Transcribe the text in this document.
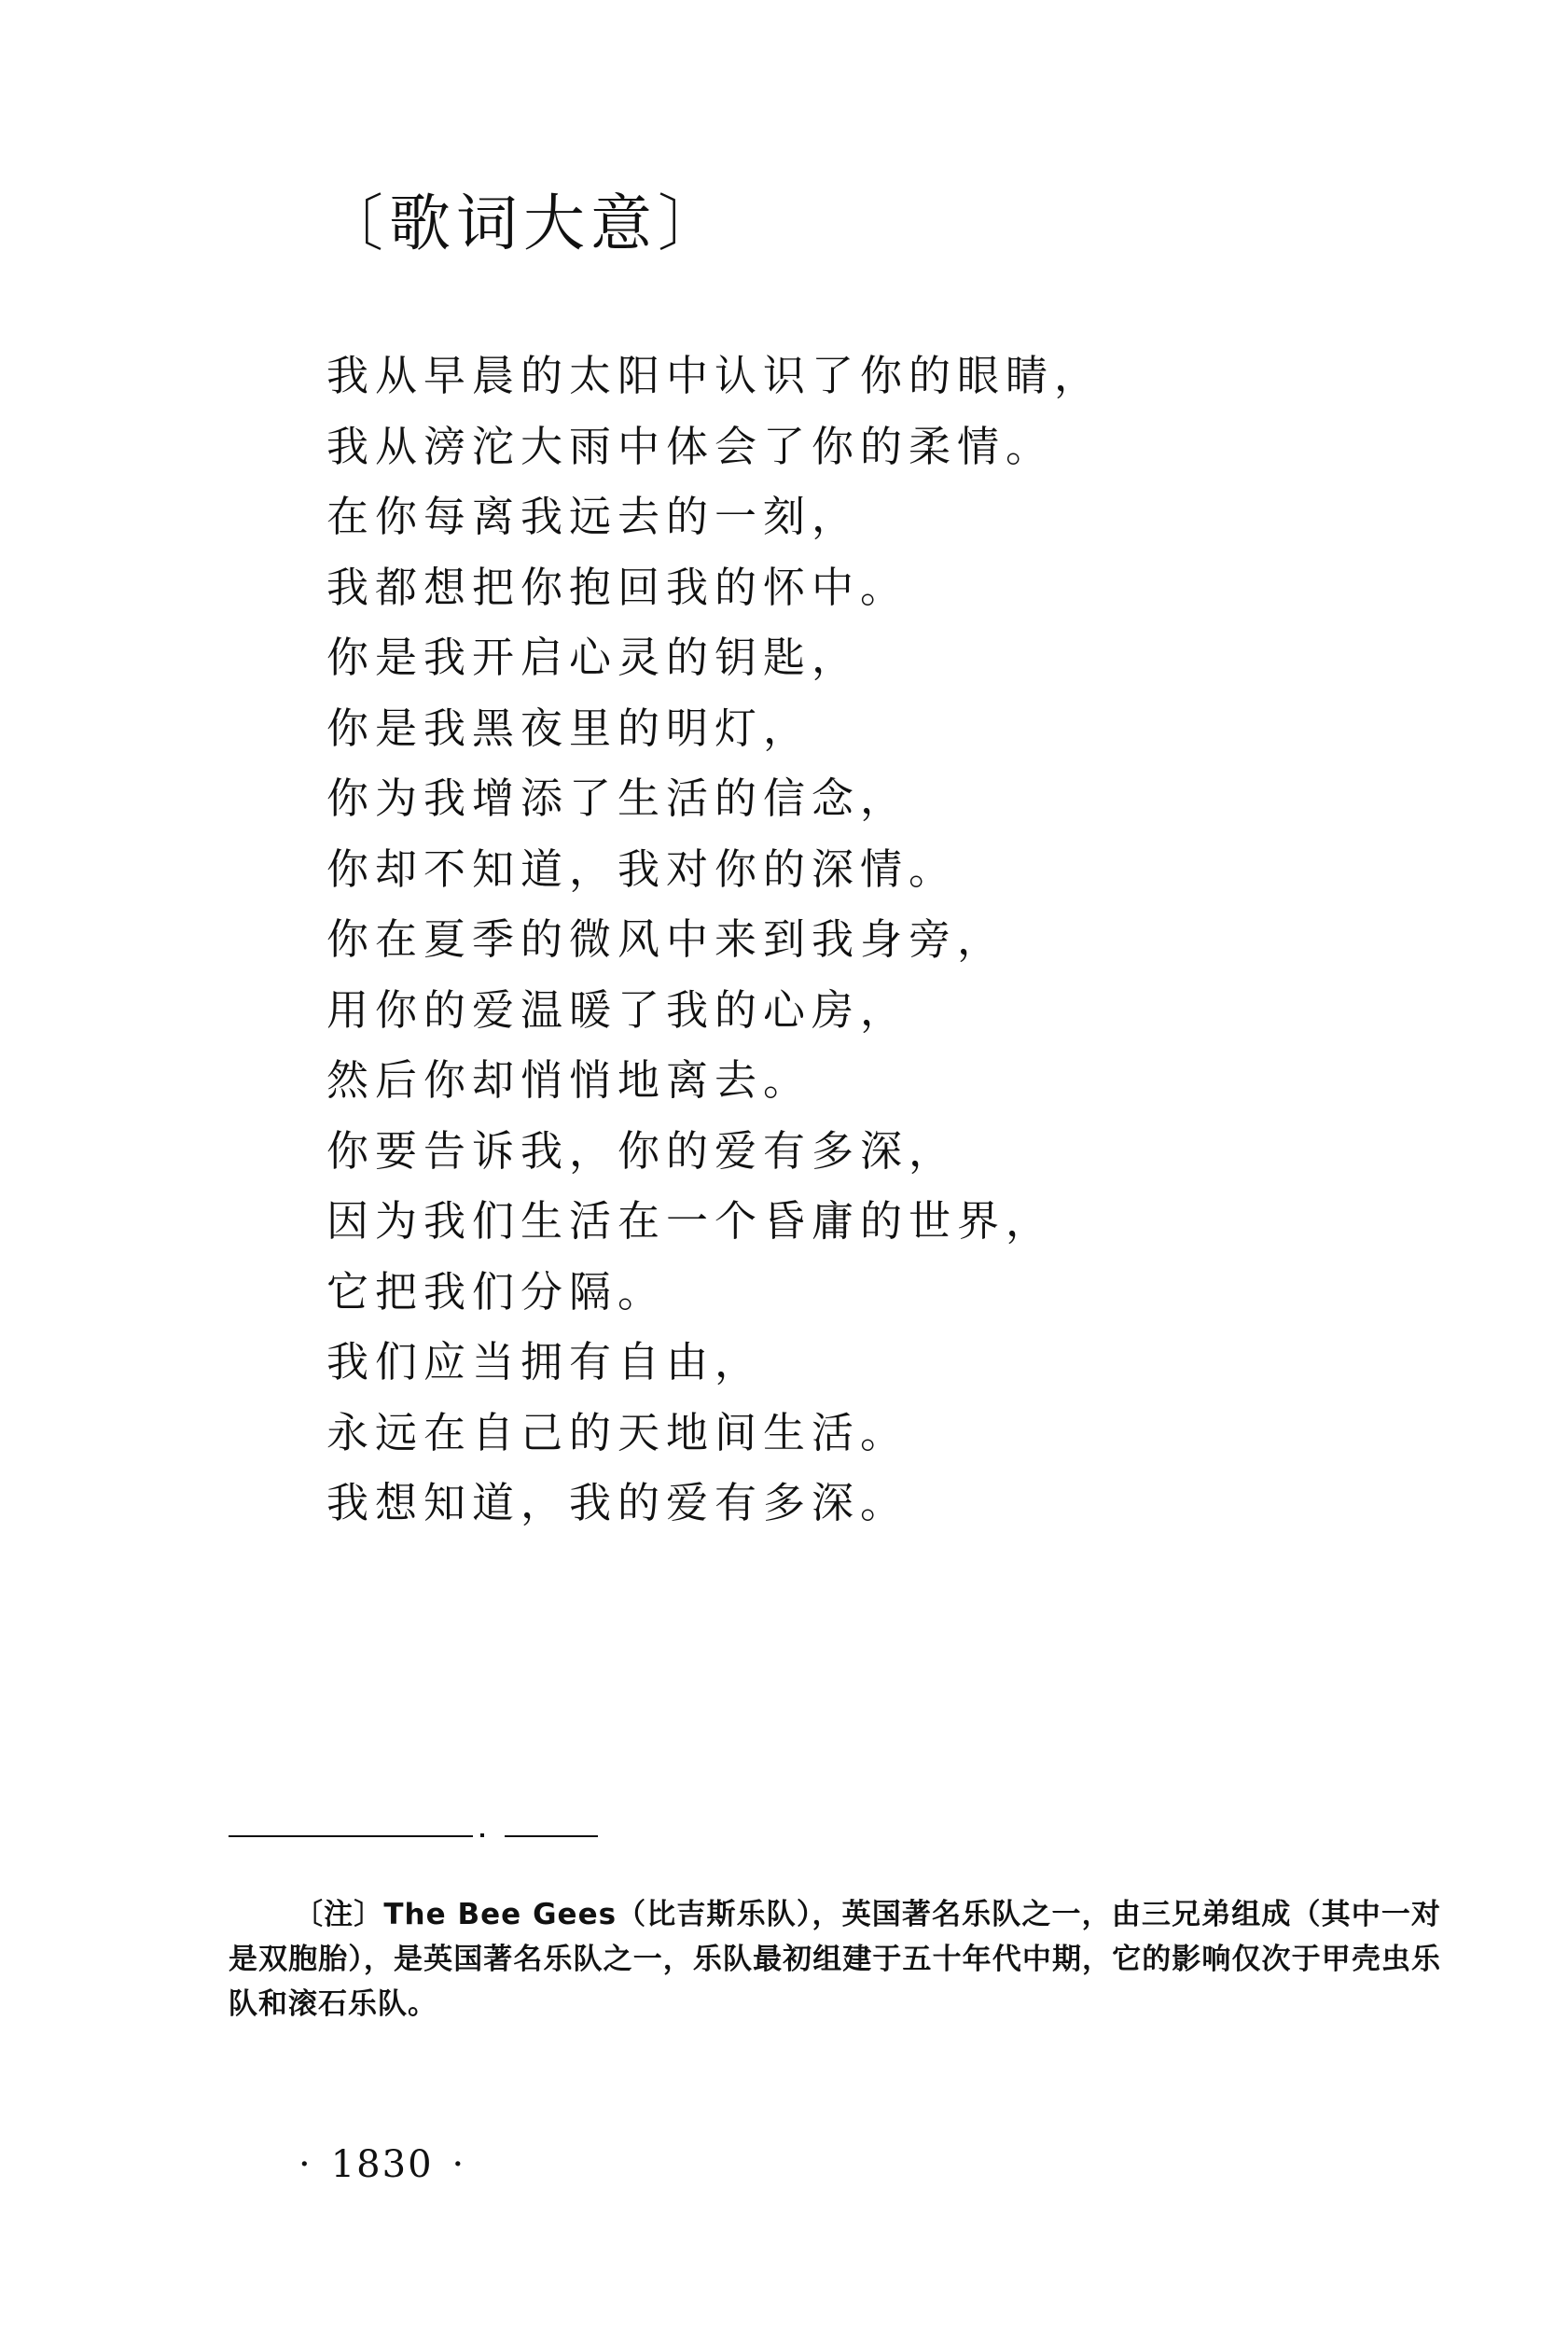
〔歌词大意〕
我从早晨的太阳中认识了你的眼睛，
我从滂沱大雨中体会了你的柔情。
在你每离我远去的一刻，
我都想把你抱回我的怀中。
你是我开启心灵的钥匙，
你是我黑夜里的明灯，
你为我增添了生活的信念，
你却不知道，我对你的深情。
你在夏季的微风中来到我身旁，
用你的爱温暖了我的心房，
然后你却悄悄地离去。
你要告诉我，你的爱有多深，
因为我们生活在一个昏庸的世界，
它把我们分隔。
我们应当拥有自由，
永远在自己的天地间生活。
我想知道，我的爱有多深。

〔注〕The Bee Gees（比吉斯乐队），英国著名乐队之一，由三兄弟组成（其中一对是双胞胎），是英国著名乐队之一，乐队最初组建于五十年代中期，它的影响仅次于甲壳虫乐队和滚石乐队。

· 1830 ·
